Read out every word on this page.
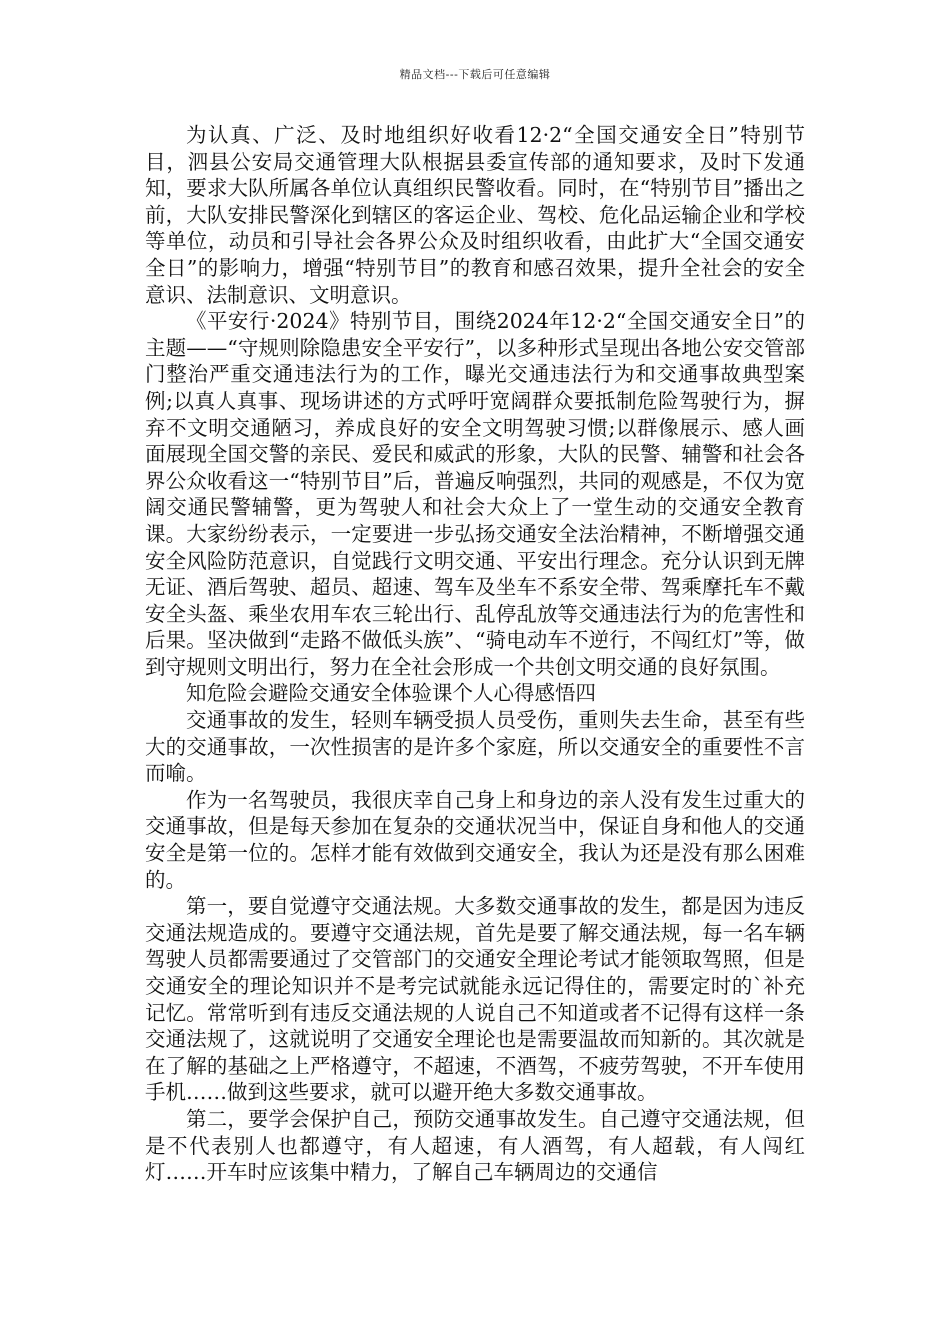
精品文档---下载后可任意编辑

为认真、广泛、及时地组织好收看12·2“全国交通安全日”特别节目，泗县公安局交通管理大队根据县委宣传部的通知要求，及时下发通知，要求大队所属各单位认真组织民警收看。同时，在“特别节目”播出之前，大队安排民警深化到辖区的客运企业、驾校、危化品运输企业和学校等单位，动员和引导社会各界公众及时组织收看，由此扩大“全国交通安全日”的影响力，增强“特别节目”的教育和感召效果，提升全社会的安全意识、法制意识、文明意识。

《平安行·2024》特别节目，围绕2024年12·2“全国交通安全日”的主题——“守规则除隐患安全平安行”，以多种形式呈现出各地公安交管部门整治严重交通违法行为的工作，曝光交通违法行为和交通事故典型案例;以真人真事、现场讲述的方式呼吁宽阔群众要抵制危险驾驶行为，摒弃不文明交通陋习，养成良好的安全文明驾驶习惯;以群像展示、感人画面展现全国交警的亲民、爱民和威武的形象，大队的民警、辅警和社会各界公众收看这一“特别节目”后，普遍反响强烈，共同的观感是，不仅为宽阔交通民警辅警，更为驾驶人和社会大众上了一堂生动的交通安全教育课。大家纷纷表示，一定要进一步弘扬交通安全法治精神，不断增强交通安全风险防范意识，自觉践行文明交通、平安出行理念。充分认识到无牌无证、酒后驾驶、超员、超速、驾车及坐车不系安全带、驾乘摩托车不戴安全头盔、乘坐农用车农三轮出行、乱停乱放等交通违法行为的危害性和后果。坚决做到“走路不做低头族”、“骑电动车不逆行，不闯红灯”等，做到守规则文明出行，努力在全社会形成一个共创文明交通的良好氛围。

知危险会避险交通安全体验课个人心得感悟四

交通事故的发生，轻则车辆受损人员受伤，重则失去生命，甚至有些大的交通事故，一次性损害的是许多个家庭，所以交通安全的重要性不言而喻。

作为一名驾驶员，我很庆幸自己身上和身边的亲人没有发生过重大的交通事故，但是每天参加在复杂的交通状况当中，保证自身和他人的交通安全是第一位的。怎样才能有效做到交通安全，我认为还是没有那么困难的。

第一，要自觉遵守交通法规。大多数交通事故的发生，都是因为违反交通法规造成的。要遵守交通法规，首先是要了解交通法规，每一名车辆驾驶人员都需要通过了交管部门的交通安全理论考试才能领取驾照，但是交通安全的理论知识并不是考完试就能永远记得住的，需要定时的`补充记忆。常常听到有违反交通法规的人说自己不知道或者不记得有这样一条交通法规了，这就说明了交通安全理论也是需要温故而知新的。其次就是在了解的基础之上严格遵守，不超速，不酒驾，不疲劳驾驶，不开车使用手机……做到这些要求，就可以避开绝大多数交通事故。

第二，要学会保护自己，预防交通事故发生。自己遵守交通法规，但是不代表别人也都遵守，有人超速，有人酒驾，有人超载，有人闯红灯……开车时应该集中精力，了解自己车辆周边的交通信
